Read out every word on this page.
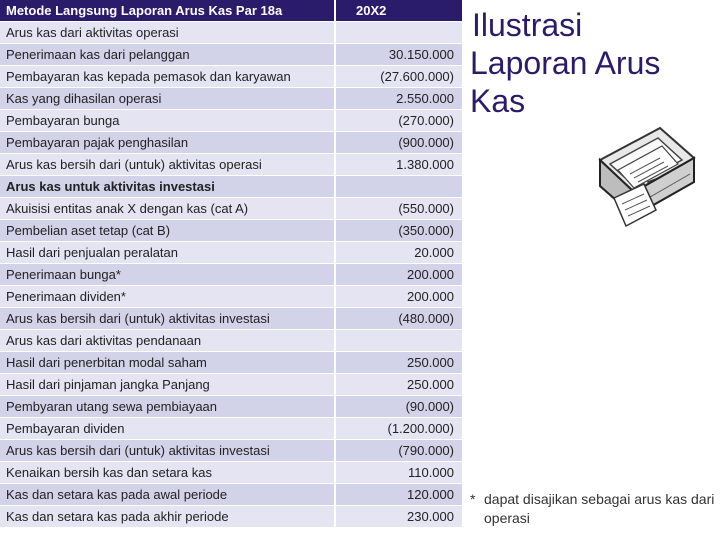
Metode Langsung Laporan Arus Kas Par 18a	20X2
Arus kas dari aktivitas operasi
Penerimaan kas dari pelanggan	30.150.000
Pembayaran kas kepada pemasok dan karyawan	(27.600.000)
Kas yang dihasilan operasi	2.550.000
Pembayaran bunga	(270.000)
Pembayaran pajak penghasilan	(900.000)
Arus kas bersih dari (untuk) aktivitas operasi	1.380.000
Arus kas untuk aktivitas investasi
Akuisisi entitas anak X dengan kas (cat A)	(550.000)
Pembelian aset tetap (cat B)	(350.000)
Hasil dari penjualan peralatan	20.000
Penerimaan bunga*	200.000
Penerimaan dividen*	200.000
Arus kas bersih dari (untuk) aktivitas investasi	(480.000)
Arus kas dari aktivitas pendanaan
Hasil dari penerbitan modal saham	250.000
Hasil dari pinjaman jangka Panjang	250.000
Pembyaran utang sewa pembiayaan	(90.000)
Pembayaran dividen	(1.200.000)
Arus kas bersih dari (untuk) aktivitas investasi	(790.000)
Kenaikan bersih kas dan setara kas	110.000
Kas dan setara kas pada awal periode	120.000
Kas dan setara kas pada akhir periode	230.000
Ilustrasi
Laporan Arus Kas
* dapat disajikan sebagai arus kas dari operasi
